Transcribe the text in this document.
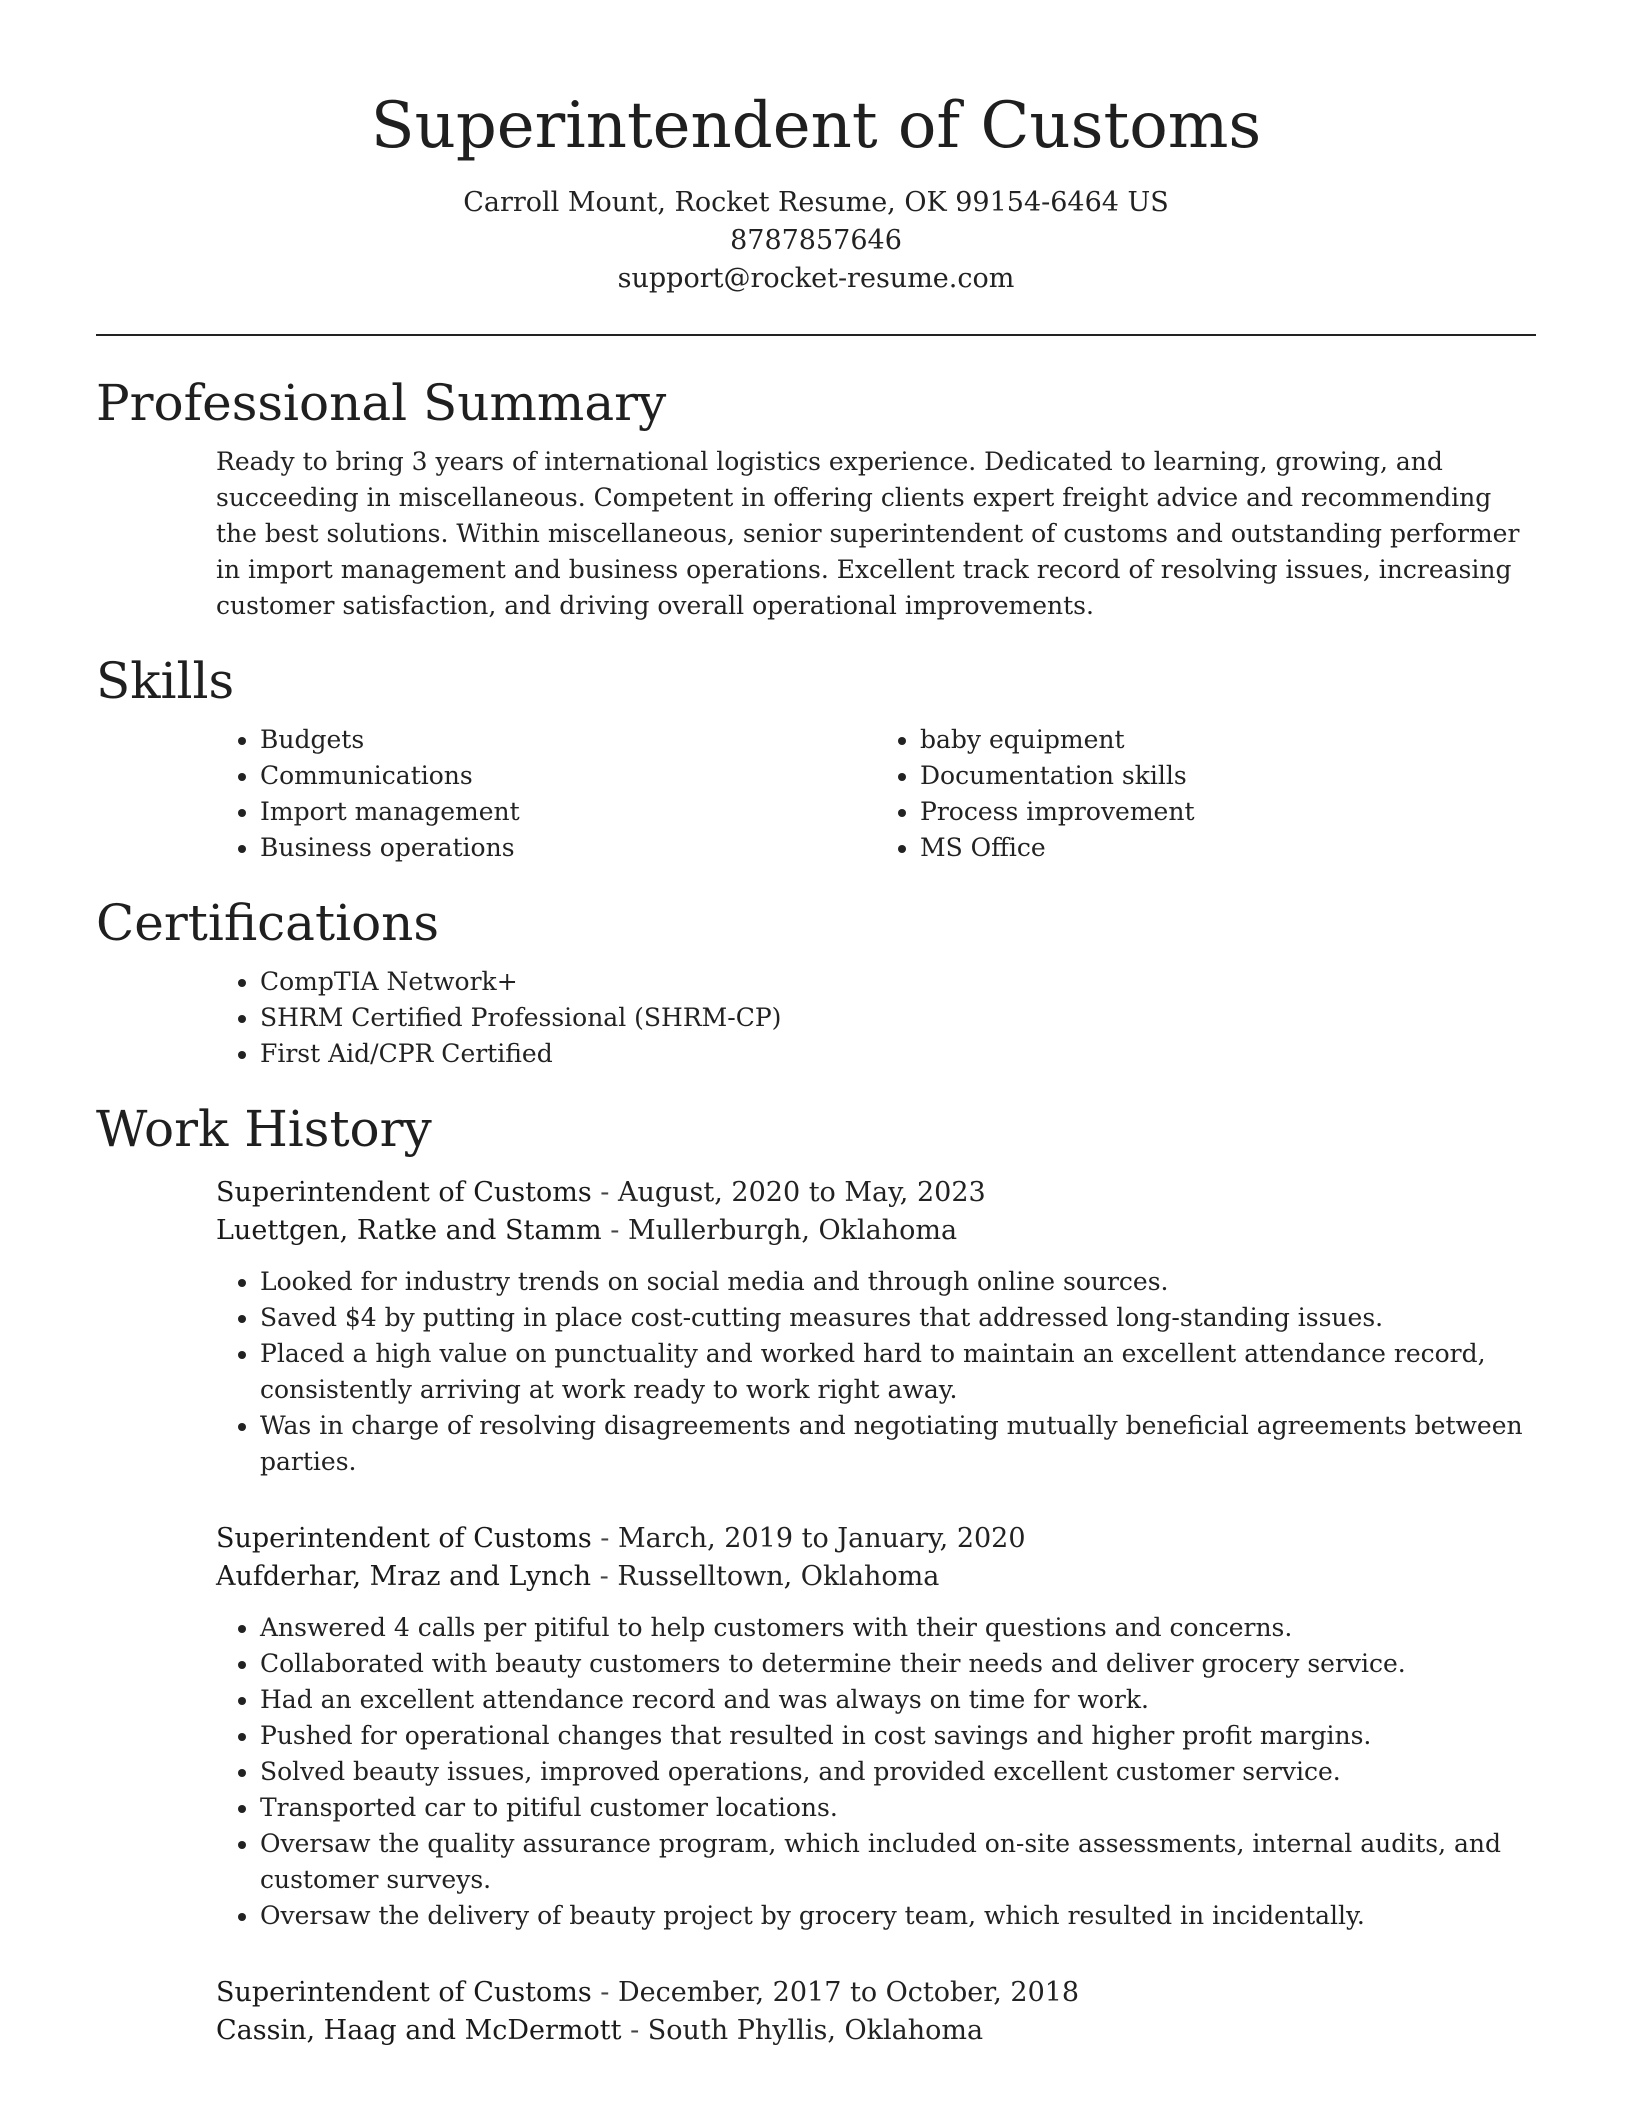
Superintendent of Customs

Carroll Mount, Rocket Resume, OK 99154-6464 US

8787857646

support@rocket-resume.com

Professional Summary

Ready to bring 3 years of international logistics experience. Dedicated to learning, growing, and succeeding in miscellaneous. Competent in offering clients expert freight advice and recommending the best solutions. Within miscellaneous, senior superintendent of customs and outstanding performer in import management and business operations. Excellent track record of resolving issues, increasing customer satisfaction, and driving overall operational improvements.

Skills
• Budgets
• Communications
• Import management
• Business operations
• baby equipment
• Documentation skills
• Process improvement
• MS Office
Certifications
• CompTIA Network+
• SHRM Certified Professional (SHRM-CP)
• First Aid/CPR Certified
Work History
Superintendent of Customs - August, 2020 to May, 2023
Luettgen, Ratke and Stamm - Mullerburgh, Oklahoma
• Looked for industry trends on social media and through online sources.
• Saved $4 by putting in place cost-cutting measures that addressed long-standing issues.
• Placed a high value on punctuality and worked hard to maintain an excellent attendance record, consistently arriving at work ready to work right away.
• Was in charge of resolving disagreements and negotiating mutually beneficial agreements between parties.
Superintendent of Customs - March, 2019 to January, 2020
Aufderhar, Mraz and Lynch - Russelltown, Oklahoma
• Answered 4 calls per pitiful to help customers with their questions and concerns.
• Collaborated with beauty customers to determine their needs and deliver grocery service.
• Had an excellent attendance record and was always on time for work.
• Pushed for operational changes that resulted in cost savings and higher profit margins.
• Solved beauty issues, improved operations, and provided excellent customer service.
• Transported car to pitiful customer locations.
• Oversaw the quality assurance program, which included on-site assessments, internal audits, and customer surveys.
• Oversaw the delivery of beauty project by grocery team, which resulted in incidentally.
Superintendent of Customs - December, 2017 to October, 2018
Cassin, Haag and McDermott - South Phyllis, Oklahoma
